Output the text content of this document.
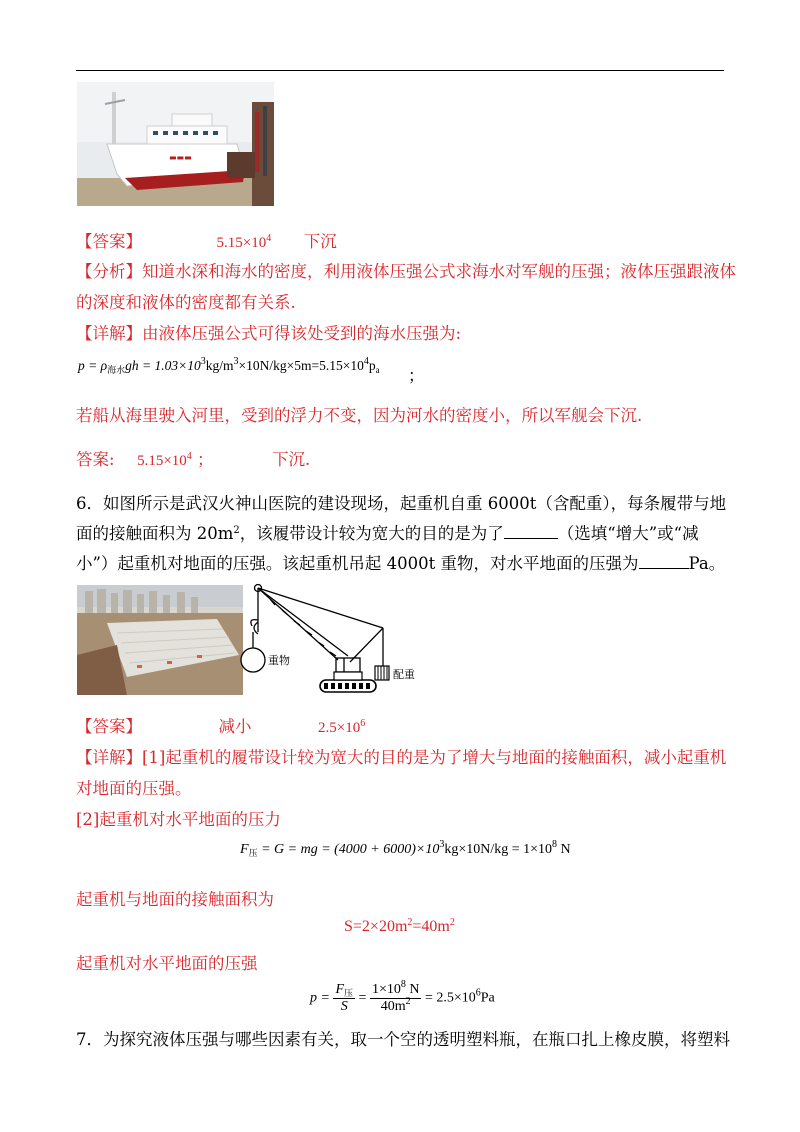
▬▬▬
【答案】	$5.15\times 10^4$ 下沉
【分析】知道水深和海水的密度，利用液体压强公式求海水对军舰的压强；液体压强跟液体
的深度和液体的密度都有关系.
【详解】由液体压强公式可得该处受到的海水压强为:
$p = \rho_{海水}gh = 1.03\times 10^3kg/m^3\times 10N/kg\times 5m=5.15\times 10^4p_a$ ；
若船从海里驶入河里，受到的浮力不变，因为河水的密度小，所以军舰会下沉.
答案: $5.15\times 10^4$ ；	下沉.
6．如图所示是武汉火神山医院的建设现场，起重机自重 6000t（含配重），每条履带与地
面的接触面积为 $20m^2$，该履带设计较为宽大的目的是为了	（选填“增大”或“减
小”）起重机对地面的压强。该起重机吊起 4000t 重物，对水平地面的压强为	Pa。
重物
配重
【答案】	减小	$2.5\times 10^6$
【详解】[1]起重机的履带设计较为宽大的目的是为了增大与地面的接触面积，减小起重机
对地面的压强。
[2]起重机对水平地面的压力
$F_压 = G$ = mg = $(4000 + 6000)\times 10^3kg\times 10N/kg = 1\times 10^8$ N
起重机与地面的接触面积为
$S=2\times 20m^2=40m^2$
起重机对水平地面的压强
$p = \frac{F_压}{S} = \frac{1\times 10^8 N}{40m^2} = 2.5\times 10^6Pa$
7．为探究液体压强与哪些因素有关，取一个空的透明塑料瓶，在瓶口扎上橡皮膜，将塑料
